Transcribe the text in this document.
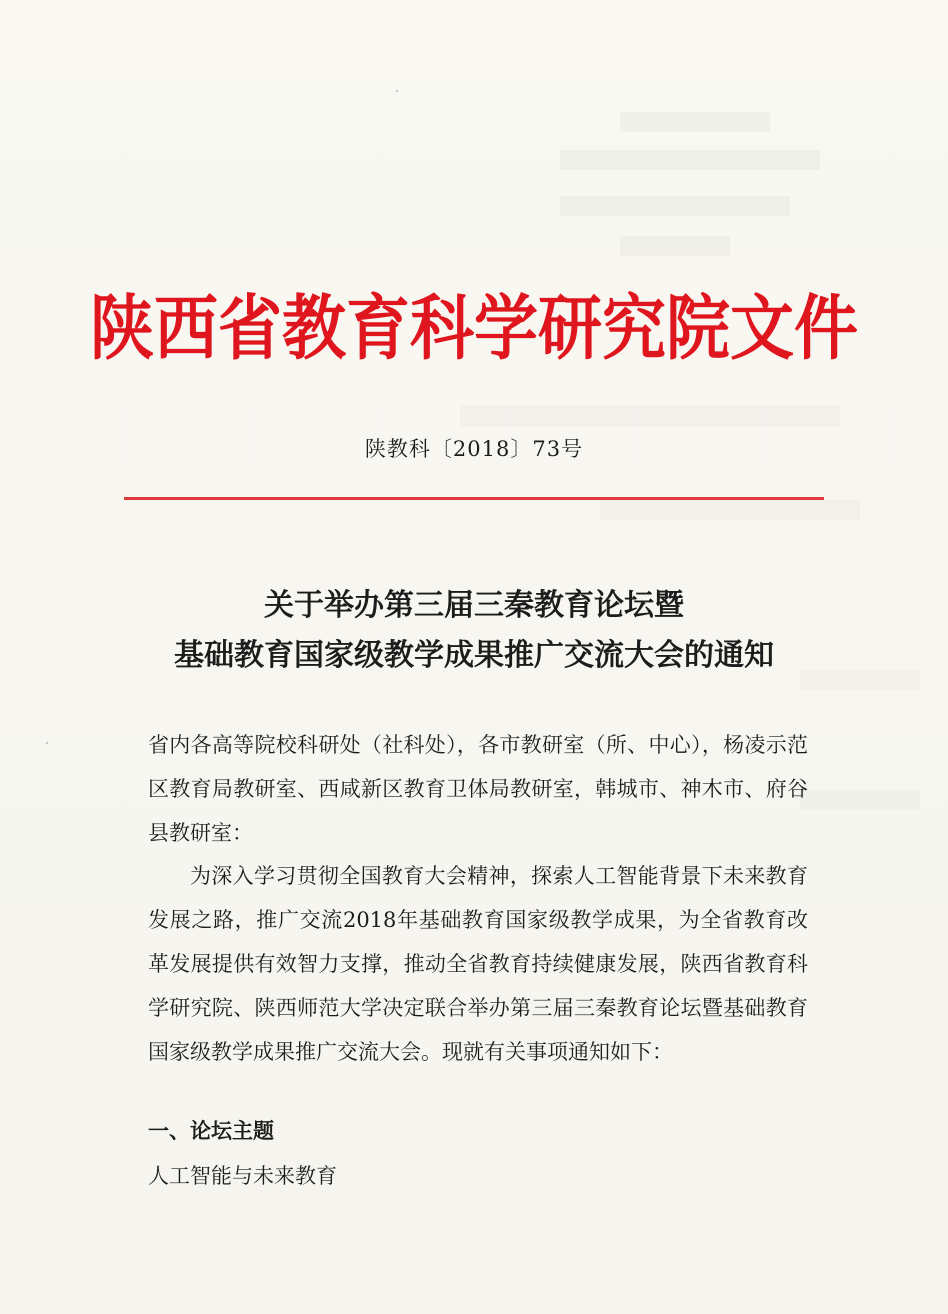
陕西省教育科学研究院文件
陕教科〔2018〕73号
关于举办第三届三秦教育论坛暨
基础教育国家级教学成果推广交流大会的通知
省内各高等院校科研处（社科处），各市教研室（所、中心），杨凌示范区教育局教研室、西咸新区教育卫体局教研室，韩城市、神木市、府谷县教研室：
为深入学习贯彻全国教育大会精神，探索人工智能背景下未来教育发展之路，推广交流2018年基础教育国家级教学成果，为全省教育改革发展提供有效智力支撑，推动全省教育持续健康发展，陕西省教育科学研究院、陕西师范大学决定联合举办第三届三秦教育论坛暨基础教育国家级教学成果推广交流大会。现就有关事项通知如下：
一、论坛主题
人工智能与未来教育
